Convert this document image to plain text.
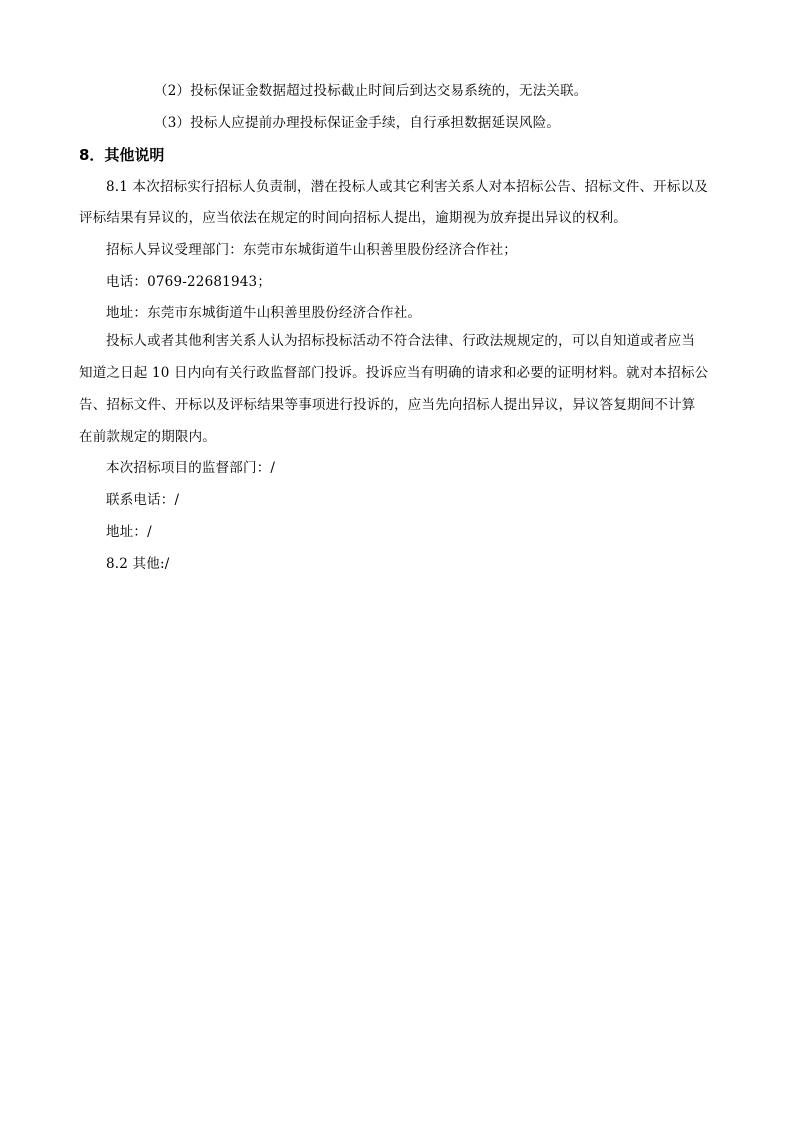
（2）投标保证金数据超过投标截止时间后到达交易系统的，无法关联。
（3）投标人应提前办理投标保证金手续，自行承担数据延误风险。
8．其他说明
8.1 本次招标实行招标人负责制，潜在投标人或其它利害关系人对本招标公告、招标文件、开标以及
评标结果有异议的，应当依法在规定的时间向招标人提出，逾期视为放弃提出异议的权利。
招标人异议受理部门：东莞市东城街道牛山积善里股份经济合作社；
电话：0769-22681943；
地址：东莞市东城街道牛山积善里股份经济合作社。
投标人或者其他利害关系人认为招标投标活动不符合法律、行政法规规定的，可以自知道或者应当
知道之日起 10 日内向有关行政监督部门投诉。投诉应当有明确的请求和必要的证明材料。就对本招标公
告、招标文件、开标以及评标结果等事项进行投诉的，应当先向招标人提出异议，异议答复期间不计算
在前款规定的期限内。
本次招标项目的监督部门：/
联系电话：/
地址：/
8.2 其他:/
